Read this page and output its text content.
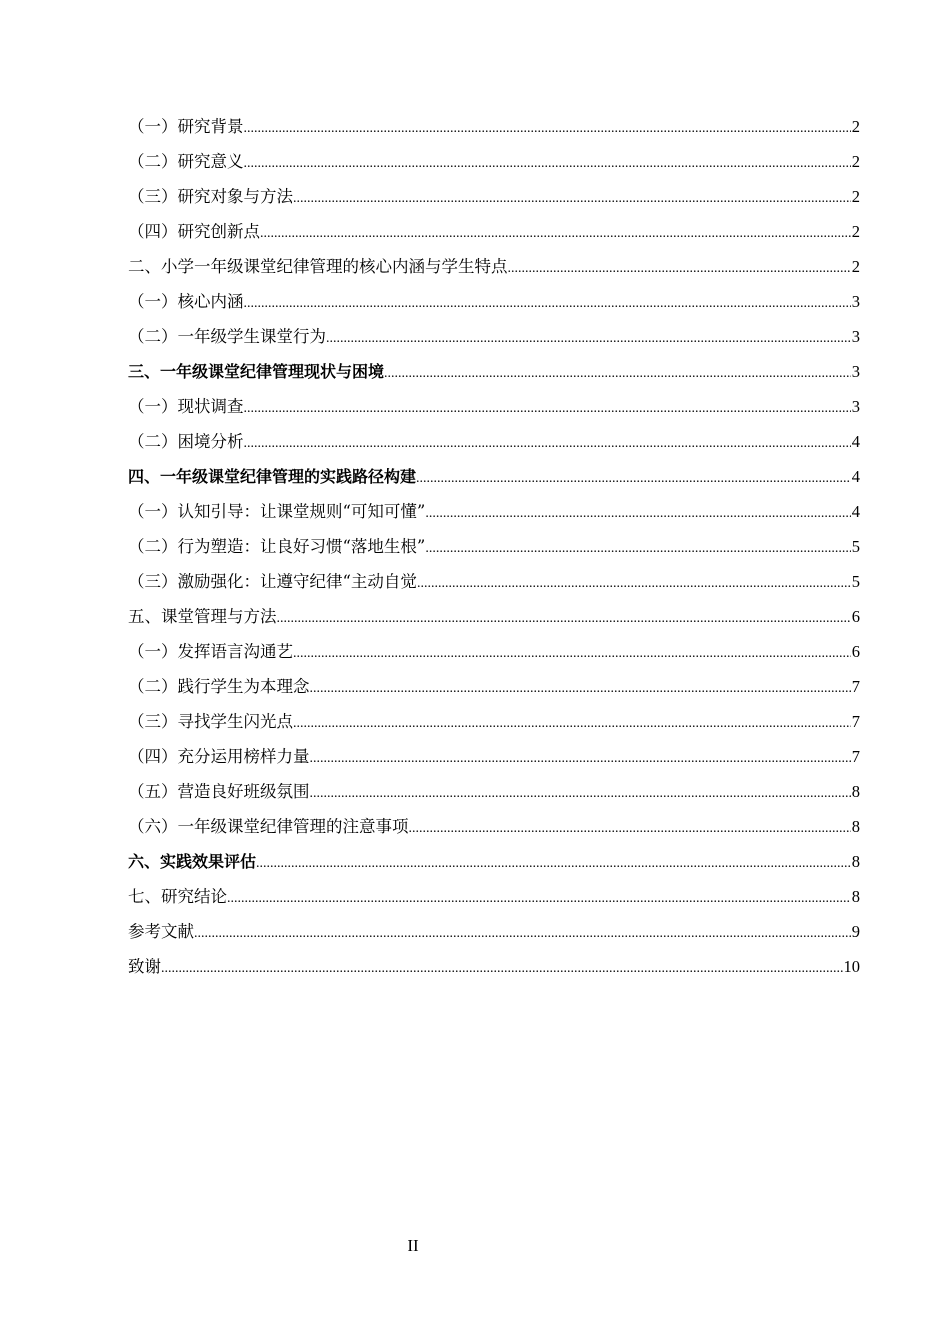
（一）研究背景 .....	2
（二）研究意义 .....	2
（三）研究对象与方法 .....	2
（四）研究创新点 .....	2
二、小学一年级课堂纪律管理的核心内涵与学生特点 .....	2
（一）核心内涵 .....	3
（二）一年级学生课堂行为 .....	3
三、一年级课堂纪律管理现状与困境 .....	3
（一）现状调查 .....	3
（二）困境分析 .....	4
四、一年级课堂纪律管理的实践路径构建 .....	4
（一）认知引导：让课堂规则“可知可懂” .....	4
（二）行为塑造：让良好习惯“落地生根” .....	5
（三）激励强化：让遵守纪律“主动自觉 .....	5
五、课堂管理与方法 .....	6
（一）发挥语言沟通艺 .....	6
（二）践行学生为本理念 .....	7
（三）寻找学生闪光点 .....	7
（四）充分运用榜样力量 .....	7
（五）营造良好班级氛围 .....	8
（六）一年级课堂纪律管理的注意事项 .....	8
六、实践效果评估 .....	8
七、研究结论 .....	8
参考文献 .....	9
致谢 .....	10
II
